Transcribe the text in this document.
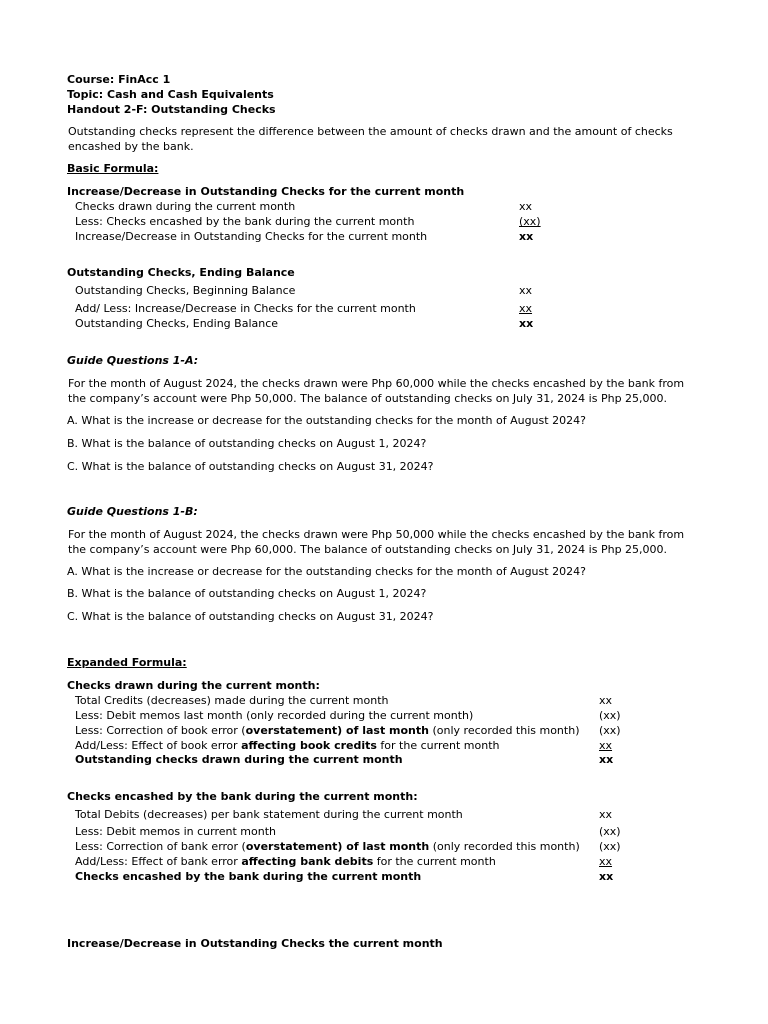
Course: FinAcc 1
Topic: Cash and Cash Equivalents
Handout 2-F: Outstanding Checks
Outstanding checks represent the difference between the amount of checks drawn and the amount of checks encashed by the bank.
Basic Formula:
Increase/Decrease in Outstanding Checks for the current month
Checks drawn during the current month	xx
Less: Checks encashed by the bank during the current month	(xx)
Increase/Decrease in Outstanding Checks for the current month	xx
Outstanding Checks, Ending Balance
Outstanding Checks, Beginning Balance	xx
Add/ Less: Increase/Decrease in Checks for the current month	xx
Outstanding Checks, Ending Balance	xx
Guide Questions 1-A:
For the month of August 2024, the checks drawn were Php 60,000 while the checks encashed by the bank from the company’s account were Php 50,000. The balance of outstanding checks on July 31, 2024 is Php 25,000.
A. What is the increase or decrease for the outstanding checks for the month of August 2024?
B. What is the balance of outstanding checks on August 1, 2024?
C. What is the balance of outstanding checks on August 31, 2024?
Guide Questions 1-B:
For the month of August 2024, the checks drawn were Php 50,000 while the checks encashed by the bank from the company’s account were Php 60,000. The balance of outstanding checks on July 31, 2024 is Php 25,000.
A. What is the increase or decrease for the outstanding checks for the month of August 2024?
B. What is the balance of outstanding checks on August 1, 2024?
C. What is the balance of outstanding checks on August 31, 2024?
Expanded Formula:
Checks drawn during the current month:
Total Credits (decreases) made during the current month	xx
Less: Debit memos last month (only recorded during the current month)	(xx)
Less: Correction of book error (overstatement) of last month (only recorded this month) (xx)
Add/Less: Effect of book error affecting book credits for the current month	xx
Outstanding checks drawn during the current month	xx
Checks encashed by the bank during the current month:
Total Debits (decreases) per bank statement during the current month	xx
Less: Debit memos in current month	(xx)
Less: Correction of bank error (overstatement) of last month (only recorded this month) (xx)
Add/Less: Effect of bank error affecting bank debits for the current month	xx
Checks encashed by the bank during the current month	xx
Increase/Decrease in Outstanding Checks the current month
